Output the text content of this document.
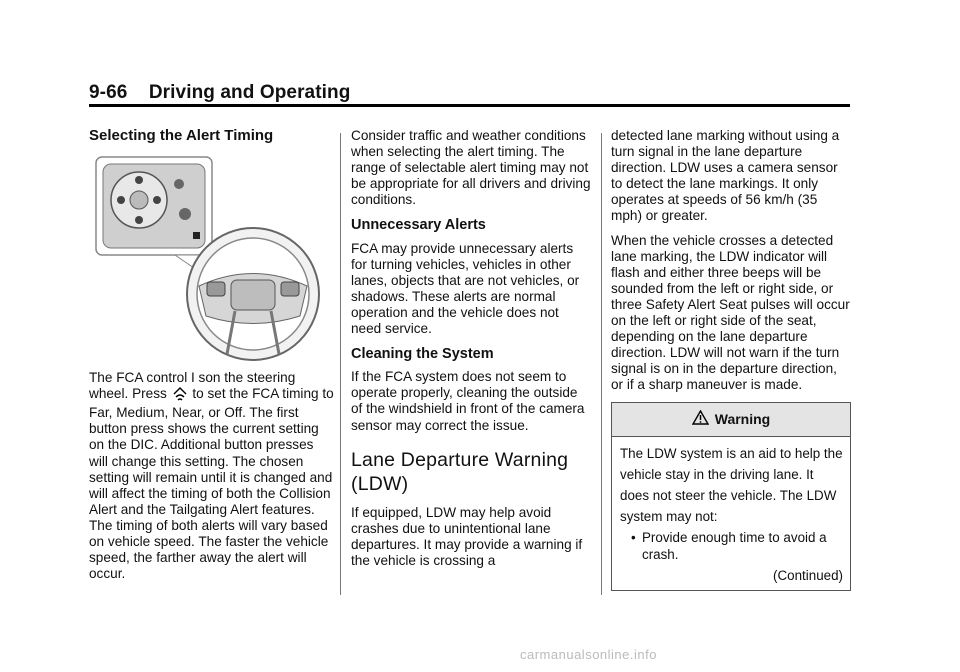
9-66 Driving and Operating
Selecting the Alert Timing

The FCA control I son the steering wheel. Press to set the FCA timing to Far, Medium, Near, or Off. The first button press shows the current setting on the DIC. Additional button presses will change this setting. The chosen setting will remain until it is changed and will affect the timing of both the Collision Alert and the Tailgating Alert features. The timing of both alerts will vary based on vehicle speed. The faster the vehicle speed, the farther away the alert will occur.

Consider traffic and weather conditions when selecting the alert timing. The range of selectable alert timing may not be appropriate for all drivers and driving conditions.

Unnecessary Alerts

FCA may provide unnecessary alerts for turning vehicles, vehicles in other lanes, objects that are not vehicles, or shadows. These alerts are normal operation and the vehicle does not need service.

Cleaning the System

If the FCA system does not seem to operate properly, cleaning the outside of the windshield in front of the camera sensor may correct the issue.

Lane Departure Warning (LDW)

If equipped, LDW may help avoid crashes due to unintentional lane departures. It may provide a warning if the vehicle is crossing a

detected lane marking without using a turn signal in the lane departure direction. LDW uses a camera sensor to detect the lane markings. It only operates at speeds of 56 km/h (35 mph) or greater.

When the vehicle crosses a detected lane marking, the LDW indicator will flash and either three beeps will be sounded from the left or right side, or three Safety Alert Seat pulses will occur on the left or right side of the seat, depending on the lane departure direction. LDW will not warn if the turn signal is on in the departure direction, or if a sharp maneuver is made.

Warning
The LDW system is an aid to help the vehicle stay in the driving lane. It does not steer the vehicle. The LDW system may not:
• Provide enough time to avoid a crash.
(Continued)
carmanualsonline.info
